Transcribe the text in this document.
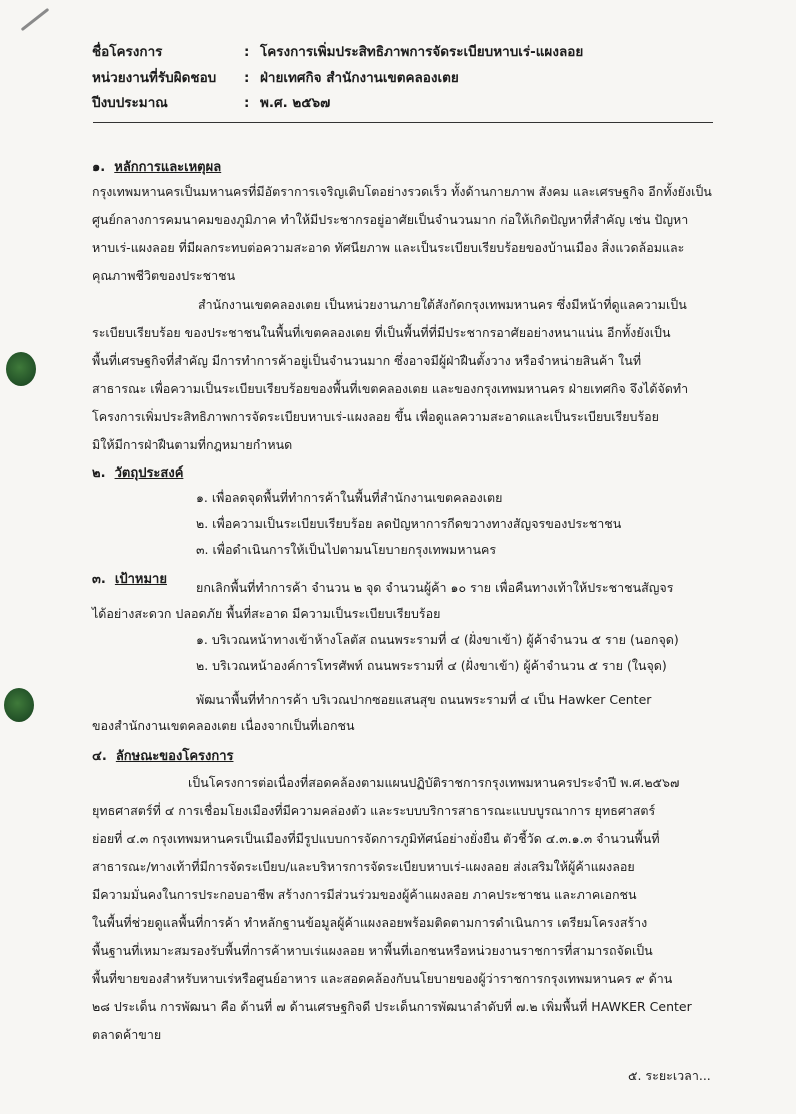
ชื่อโครงการ	: โครงการเพิ่มประสิทธิภาพการจัดระเบียบหาบเร่-แผงลอย
หน่วยงานที่รับผิดชอบ : ฝ่ายเทศกิจ สำนักงานเขตคลองเตย
ปีงบประมาณ	: พ.ศ. ๒๕๖๗
๑. หลักการและเหตุผล
กรุงเทพมหานครเป็นมหานครที่มีอัตราการเจริญเติบโตอย่างรวดเร็ว ทั้งด้านกายภาพ สังคม และเศรษฐกิจ อีกทั้งยังเป็น
ศูนย์กลางการคมนาคมของภูมิภาค ทำให้มีประชากรอยู่อาศัยเป็นจำนวนมาก ก่อให้เกิดปัญหาที่สำคัญ เช่น ปัญหา
หาบเร่-แผงลอย ที่มีผลกระทบต่อความสะอาด ทัศนียภาพ และเป็นระเบียบเรียบร้อยของบ้านเมือง สิ่งแวดล้อมและ
คุณภาพชีวิตของประชาชน
สำนักงานเขตคลองเตย เป็นหน่วยงานภายใต้สังกัดกรุงเทพมหานคร ซึ่งมีหน้าที่ดูแลความเป็น
ระเบียบเรียบร้อย ของประชาชนในพื้นที่เขตคลองเตย ที่เป็นพื้นที่ที่มีประชากรอาศัยอย่างหนาแน่น อีกทั้งยังเป็น
พื้นที่เศรษฐกิจที่สำคัญ มีการทำการค้าอยู่เป็นจำนวนมาก ซึ่งอาจมีผู้ฝ่าฝืนตั้งวาง หรือจำหน่ายสินค้า ในที่
สาธารณะ เพื่อความเป็นระเบียบเรียบร้อยของพื้นที่เขตคลองเตย และของกรุงเทพมหานคร ฝ่ายเทศกิจ จึงได้จัดทำ
โครงการเพิ่มประสิทธิภาพการจัดระเบียบหาบเร่-แผงลอย ขึ้น เพื่อดูแลความสะอาดและเป็นระเบียบเรียบร้อย
มิให้มีการฝ่าฝืนตามที่กฎหมายกำหนด
๒. วัตถุประสงค์
๑. เพื่อลดจุดพื้นที่ทำการค้าในพื้นที่สำนักงานเขตคลองเตย
๒. เพื่อความเป็นระเบียบเรียบร้อย ลดปัญหาการกีดขวางทางสัญจรของประชาชน
๓. เพื่อดำเนินการให้เป็นไปตามนโยบายกรุงเทพมหานคร
๓. เป้าหมาย
ยกเลิกพื้นที่ทำการค้า จำนวน ๒ จุด จำนวนผู้ค้า ๑๐ ราย เพื่อคืนทางเท้าให้ประชาชนสัญจร
ได้อย่างสะดวก ปลอดภัย พื้นที่สะอาด มีความเป็นระเบียบเรียบร้อย
๑. บริเวณหน้าทางเข้าห้างโลตัส ถนนพระรามที่ ๔ (ฝั่งขาเข้า) ผู้ค้าจำนวน ๕ ราย (นอกจุด)
๒. บริเวณหน้าองค์การโทรศัพท์ ถนนพระรามที่ ๔ (ฝั่งขาเข้า) ผู้ค้าจำนวน ๕ ราย (ในจุด)
พัฒนาพื้นที่ทำการค้า บริเวณปากซอยแสนสุข ถนนพระรามที่ ๔ เป็น Hawker Center
ของสำนักงานเขตคลองเตย เนื่องจากเป็นที่เอกชน
๔. ลักษณะของโครงการ
เป็นโครงการต่อเนื่องที่สอดคล้องตามแผนปฏิบัติราชการกรุงเทพมหานครประจำปี พ.ศ.๒๕๖๗
ยุทธศาสตร์ที่ ๔ การเชื่อมโยงเมืองที่มีความคล่องตัว และระบบบริการสาธารณะแบบบูรณาการ ยุทธศาสตร์
ย่อยที่ ๔.๓ กรุงเทพมหานครเป็นเมืองที่มีรูปแบบการจัดการภูมิทัศน์อย่างยั่งยืน ตัวชี้วัด ๔.๓.๑.๓ จำนวนพื้นที่
สาธารณะ/ทางเท้าที่มีการจัดระเบียบ/และบริหารการจัดระเบียบหาบเร่-แผงลอย ส่งเสริมให้ผู้ค้าแผงลอย
มีความมั่นคงในการประกอบอาชีพ สร้างการมีส่วนร่วมของผู้ค้าแผงลอย ภาคประชาชน และภาคเอกชน
ในพื้นที่ช่วยดูแลพื้นที่การค้า ทำหลักฐานข้อมูลผู้ค้าแผงลอยพร้อมติดตามการดำเนินการ เตรียมโครงสร้าง
พื้นฐานที่เหมาะสมรองรับพื้นที่การค้าหาบเร่แผงลอย หาพื้นที่เอกชนหรือหน่วยงานราชการที่สามารถจัดเป็น
พื้นที่ขายของสำหรับหาบเร่หรือศูนย์อาหาร และสอดคล้องกับนโยบายของผู้ว่าราชการกรุงเทพมหานคร ๙ ด้าน
๒๘ ประเด็น การพัฒนา คือ ด้านที่ ๗ ด้านเศรษฐกิจดี ประเด็นการพัฒนาลำดับที่ ๗.๒ เพิ่มพื้นที่ HAWKER Center
ตลาดค้าขาย
๕. ระยะเวลา...
